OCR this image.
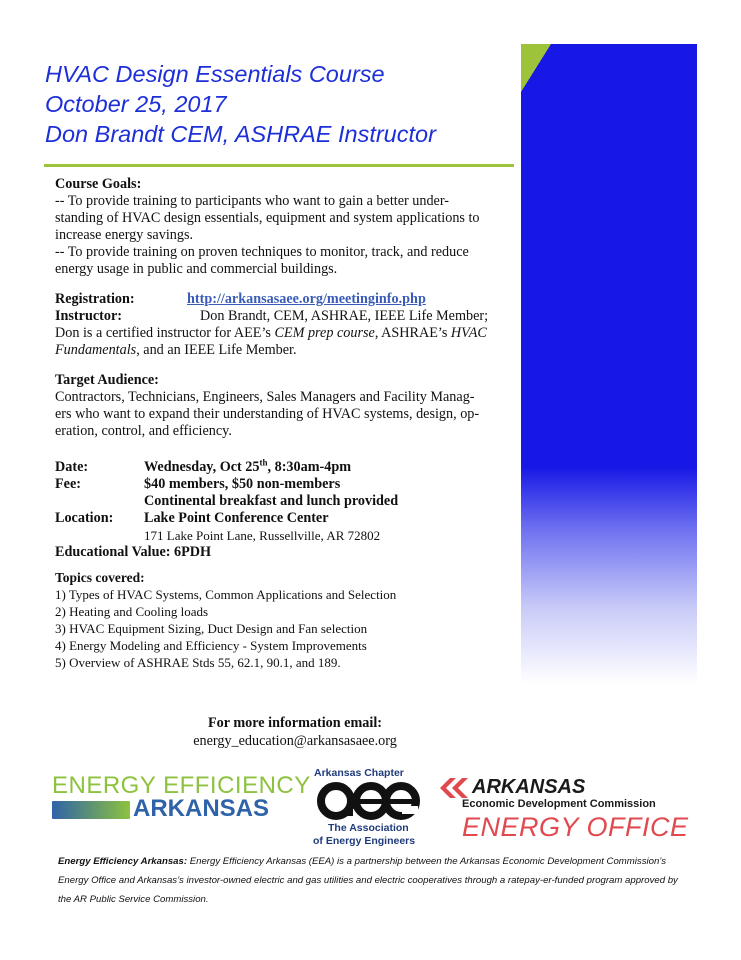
HVAC Design Essentials Course
October 25, 2017
Don Brandt CEM, ASHRAE Instructor
Course Goals:
-- To provide training to participants who want to gain a better under-
standing of HVAC design essentials, equipment and system applications to
increase energy savings.
-- To provide training on proven techniques to monitor, track, and reduce
energy usage in public and commercial buildings.
Registration:	http://arkansasaee.org/meetinginfo.php
Instructor:	Don Brandt, CEM, ASHRAE, IEEE Life Member;
Don is a certified instructor for AEE’s CEM prep course, ASHRAE’s HVAC
Fundamentals, and an IEEE Life Member.
Target Audience:
Contractors, Technicians, Engineers, Sales Managers and Facility Manag-
ers who want to expand their understanding of HVAC systems, design, op-
eration, control, and efficiency.
Date:	Wednesday, Oct 25th, 8:30am-4pm
Fee:	$40 members, $50 non-members
Continental breakfast and lunch provided
Location: Lake Point Conference Center
171 Lake Point Lane, Russellville, AR 72802
Educational Value: 6PDH
Topics covered:
1) Types of HVAC Systems, Common Applications and Selection
2) Heating and Cooling loads
3) HVAC Equipment Sizing, Duct Design and Fan selection
4) Energy Modeling and Efficiency - System Improvements
5) Overview of ASHRAE Stds 55, 62.1, 90.1, and 189.
For more information email:
energy_education@arkansasaee.org
ENERGY EFFICIENCY
ARKANSAS
Arkansas Chapter
The Association
of Energy Engineers
ARKANSAS
Economic Development Commission
ENERGY OFFICE
Energy Efficiency Arkansas: Energy Efficiency Arkansas (EEA) is a partnership between the Arkansas Economic Development Commission’s Energy Office and Arkansas’s investor-owned electric and gas utilities and electric cooperatives through a ratepay-er-funded program approved by the AR Public Service Commission.
